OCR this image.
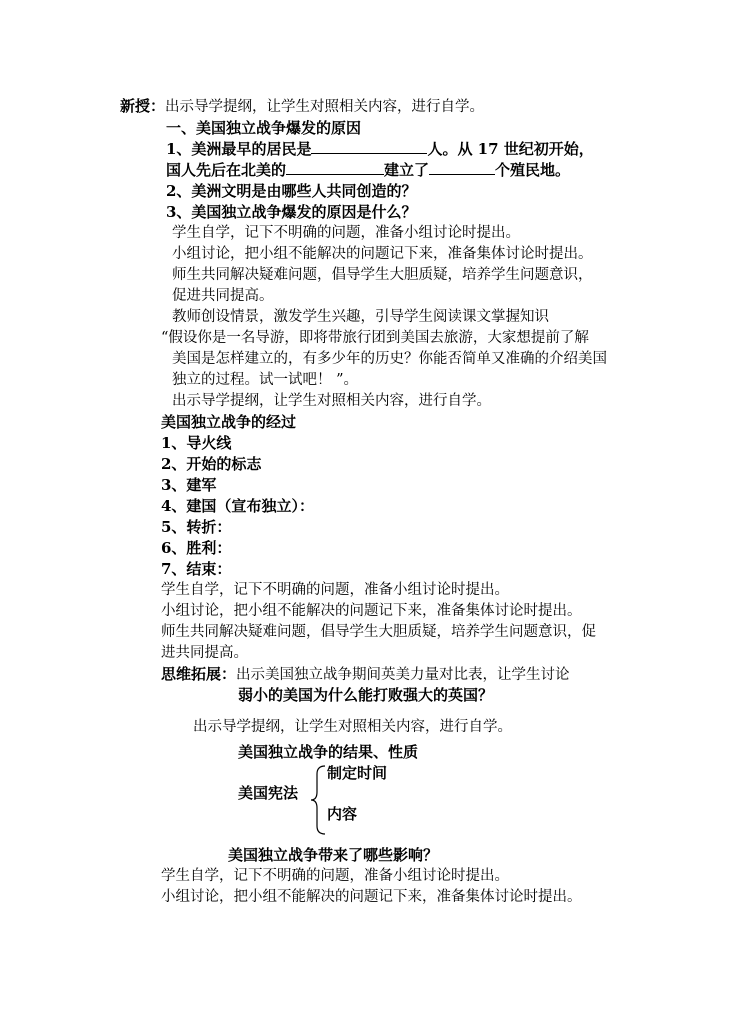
新授：出示导学提纲，让学生对照相关内容，进行自学。
一、美国独立战争爆发的原因
1、美洲最早的居民是	人。从 17 世纪初开始，
国人先后在北美的	建立了	个殖民地。
2、美洲文明是由哪些人共同创造的？
3、美国独立战争爆发的原因是什么？
学生自学，记下不明确的问题，准备小组讨论时提出。
小组讨论，把小组不能解决的问题记下来，准备集体讨论时提出。
师生共同解决疑难问题，倡导学生大胆质疑，培养学生问题意识，
促进共同提高。
教师创设情景，激发学生兴趣，引导学生阅读课文掌握知识
“假设你是一名导游，即将带旅行团到美国去旅游，大家想提前了解
美国是怎样建立的，有多少年的历史？你能否简单又准确的介绍美国
独立的过程。试一试吧！ ”。
出示导学提纲，让学生对照相关内容，进行自学。
美国独立战争的经过
1、导火线
2、开始的标志
3、建军
4、建国（宣布独立）：
5、转折：
6、胜利：
7、结束：
学生自学，记下不明确的问题，准备小组讨论时提出。
小组讨论，把小组不能解决的问题记下来，准备集体讨论时提出。
师生共同解决疑难问题，倡导学生大胆质疑，培养学生问题意识，促
进共同提高。
思维拓展：出示美国独立战争期间英美力量对比表，让学生讨论
弱小的美国为什么能打败强大的英国？
出示导学提纲，让学生对照相关内容，进行自学。
美国独立战争的结果、性质
美国宪法
制定时间
内容
美国独立战争带来了哪些影响？
学生自学，记下不明确的问题，准备小组讨论时提出。
小组讨论，把小组不能解决的问题记下来，准备集体讨论时提出。
